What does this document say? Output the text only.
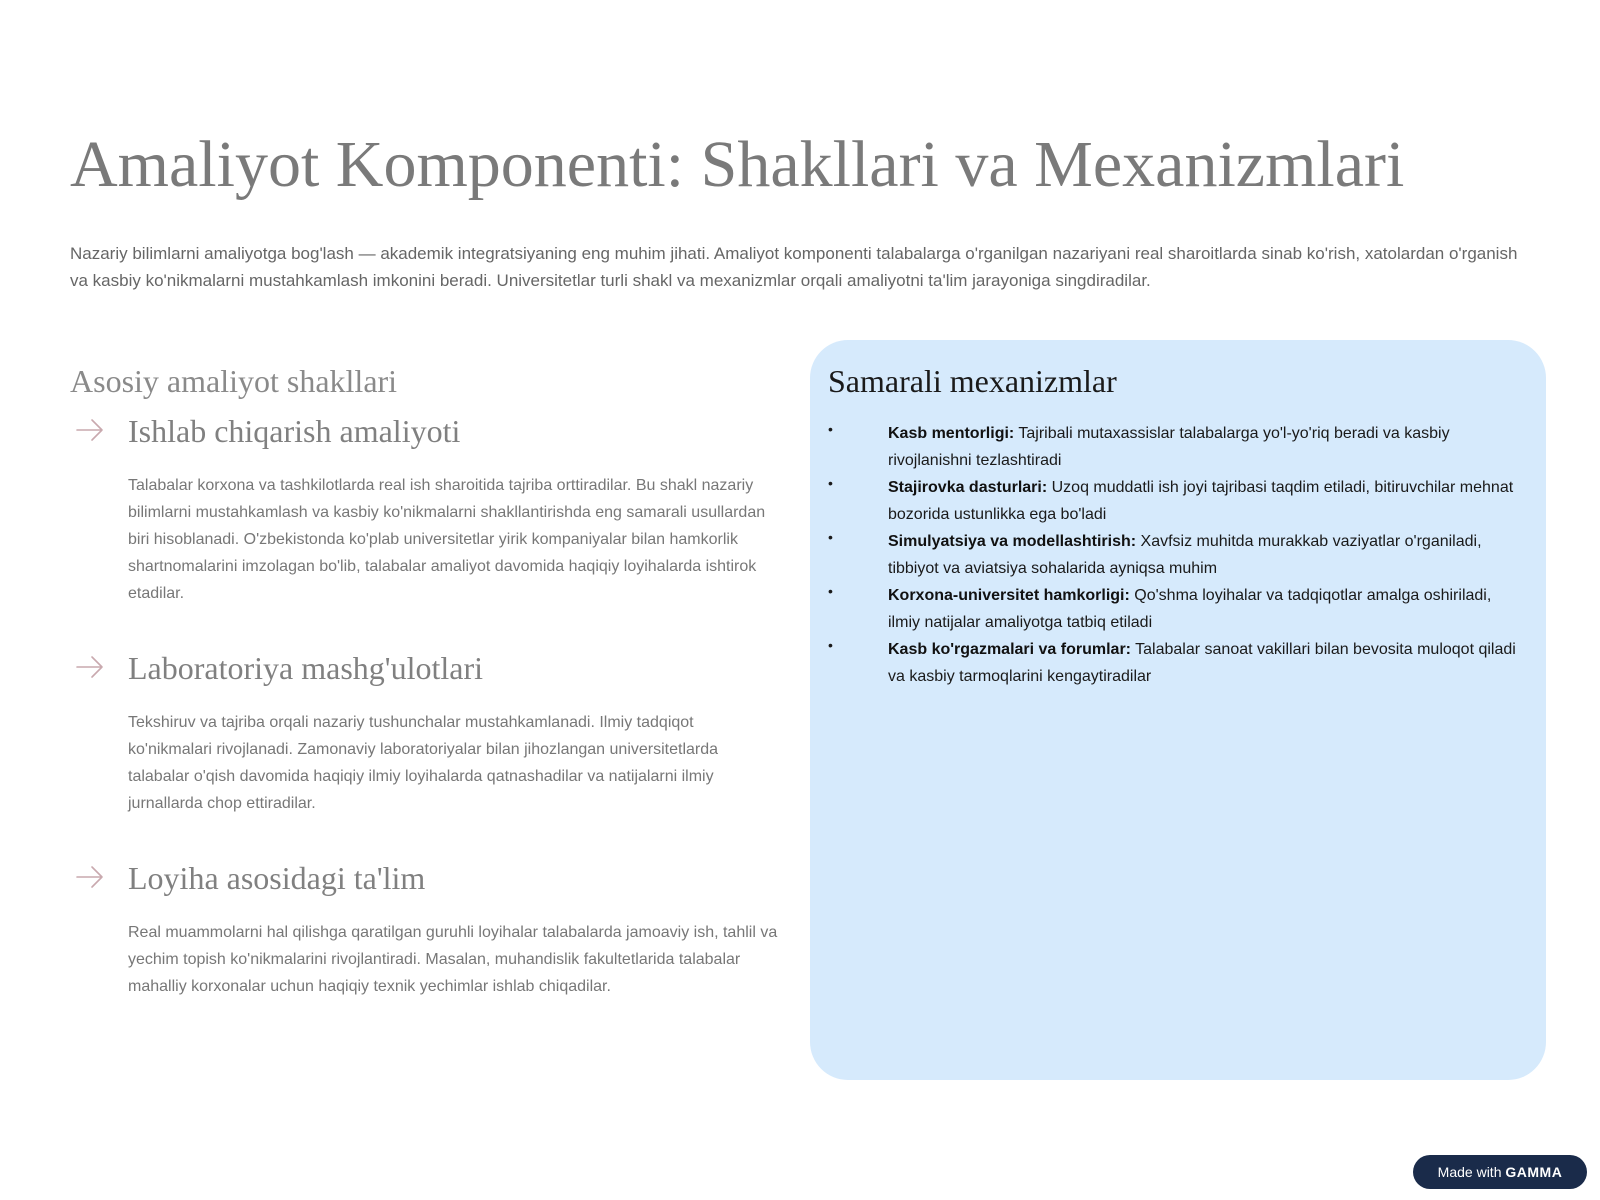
Amaliyot Komponenti: Shakllari va Mexanizmlari

Nazariy bilimlarni amaliyotga bog'lash — akademik integratsiyaning eng muhim jihati. Amaliyot komponenti talabalarga o'rganilgan nazariyani real sharoitlarda sinab ko'rish, xatolardan o'rganish va kasbiy ko'nikmalarni mustahkamlash imkonini beradi. Universitetlar turli shakl va mexanizmlar orqali amaliyotni ta'lim jarayoniga singdiradilar.

Asosiy amaliyot shakllari
Ishlab chiqarish amaliyoti

Talabalar korxona va tashkilotlarda real ish sharoitida tajriba orttiradilar. Bu shakl nazariy bilimlarni mustahkamlash va kasbiy ko'nikmalarni shakllantirishda eng samarali usullardan biri hisoblanadi. O'zbekistonda ko'plab universitetlar yirik kompaniyalar bilan hamkorlik shartnomalarini imzolagan bo'lib, talabalar amaliyot davomida haqiqiy loyihalarda ishtirok etadilar.

Laboratoriya mashg'ulotlari

Tekshiruv va tajriba orqali nazariy tushunchalar mustahkamlanadi. Ilmiy tadqiqot ko'nikmalari rivojlanadi. Zamonaviy laboratoriyalar bilan jihozlangan universitetlarda talabalar o'qish davomida haqiqiy ilmiy loyihalarda qatnashadilar va natijalarni ilmiy jurnallarda chop ettiradilar.

Loyiha asosidagi ta'lim

Real muammolarni hal qilishga qaratilgan guruhli loyihalar talabalarda jamoaviy ish, tahlil va yechim topish ko'nikmalarini rivojlantiradi. Masalan, muhandislik fakultetlarida talabalar mahalliy korxonalar uchun haqiqiy texnik yechimlar ishlab chiqadilar.

Samarali mexanizmlar
•	Kasb mentorligi: Tajribali mutaxassislar talabalarga yo'l-yo'riq beradi va kasbiy rivojlanishni tezlashtiradi
•	Stajirovka dasturlari: Uzoq muddatli ish joyi tajribasi taqdim etiladi, bitiruvchilar mehnat bozorida ustunlikka ega bo'ladi
•	Simulyatsiya va modellashtirish: Xavfsiz muhitda murakkab vaziyatlar o'rganiladi, tibbiyot va aviatsiya sohalarida ayniqsa muhim
•	Korxona-universitet hamkorligi: Qo'shma loyihalar va tadqiqotlar amalga oshiriladi, ilmiy natijalar amaliyotga tatbiq etiladi
•	Kasb ko'rgazmalari va forumlar: Talabalar sanoat vakillari bilan bevosita muloqot qiladi va kasbiy tarmoqlarini kengaytiradilar
Made with GAMMA
